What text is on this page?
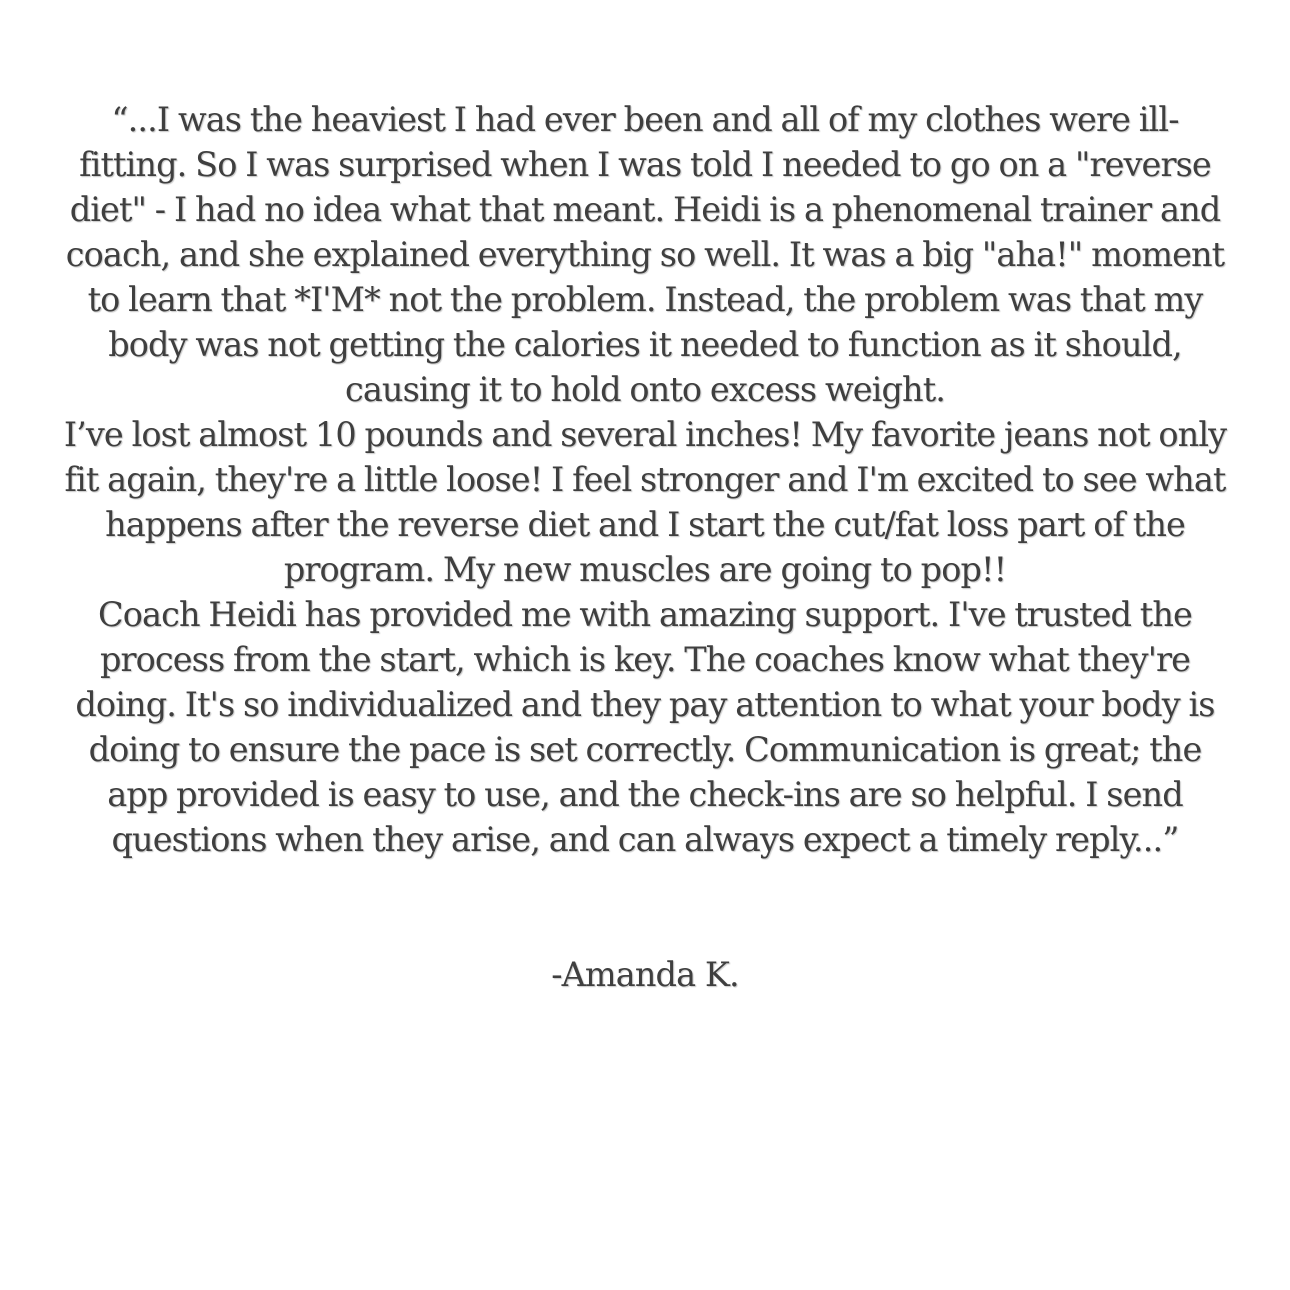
“...I was the heaviest I had ever been and all of my clothes were ill-fitting. So I was surprised when I was told I needed to go on a "reverse diet" - I had no idea what that meant. Heidi is a phenomenal trainer and coach, and she explained everything so well. It was a big "aha!" moment to learn that *I'M* not the problem. Instead, the problem was that my body was not getting the calories it needed to function as it should, causing it to hold onto excess weight.

I’ve lost almost 10 pounds and several inches! My favorite jeans not only fit again, they're a little loose! I feel stronger and I'm excited to see what happens after the reverse diet and I start the cut/fat loss part of the program. My new muscles are going to pop!!

Coach Heidi has provided me with amazing support. I've trusted the process from the start, which is key. The coaches know what they're doing. It's so individualized and they pay attention to what your body is doing to ensure the pace is set correctly. Communication is great; the app provided is easy to use, and the check-ins are so helpful. I send questions when they arise, and can always expect a timely reply...”

-Amanda K.
